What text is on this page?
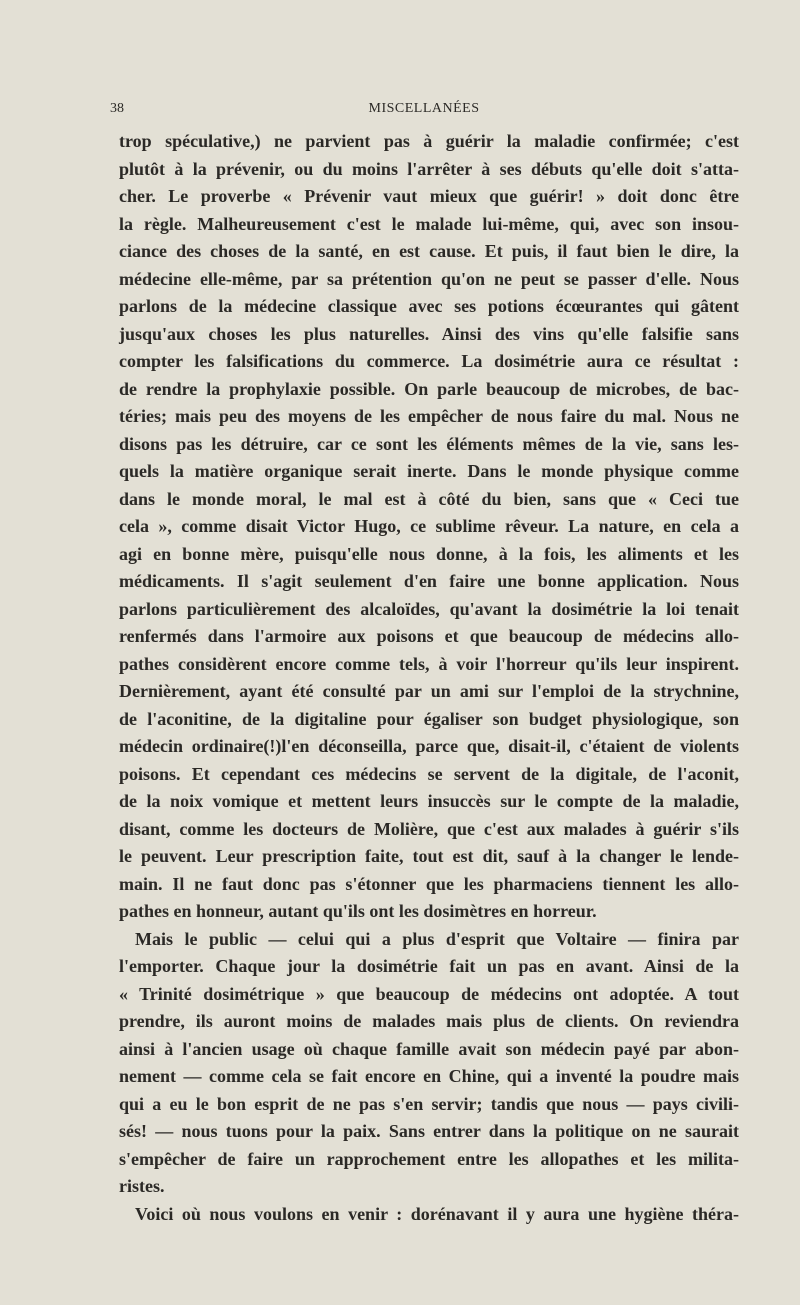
38	MISCELLANÉES
trop spéculative,) ne parvient pas à guérir la maladie confirmée; c'est
plutôt à la prévenir, ou du moins l'arrêter à ses débuts qu'elle doit s'atta-
cher. Le proverbe « Prévenir vaut mieux que guérir! » doit donc être
la règle. Malheureusement c'est le malade lui-même, qui, avec son insou-
ciance des choses de la santé, en est cause. Et puis, il faut bien le dire, la
médecine elle-même, par sa prétention qu'on ne peut se passer d'elle. Nous
parlons de la médecine classique avec ses potions écœurantes qui gâtent
jusqu'aux choses les plus naturelles. Ainsi des vins qu'elle falsifie sans
compter les falsifications du commerce. La dosimétrie aura ce résultat :
de rendre la prophylaxie possible. On parle beaucoup de microbes, de bac-
téries; mais peu des moyens de les empêcher de nous faire du mal. Nous ne
disons pas les détruire, car ce sont les éléments mêmes de la vie, sans les-
quels la matière organique serait inerte. Dans le monde physique comme
dans le monde moral, le mal est à côté du bien, sans que « Ceci tue
cela », comme disait Victor Hugo, ce sublime rêveur. La nature, en cela a
agi en bonne mère, puisqu'elle nous donne, à la fois, les aliments et les
médicaments. Il s'agit seulement d'en faire une bonne application. Nous
parlons particulièrement des alcaloïdes, qu'avant la dosimétrie la loi tenait
renfermés dans l'armoire aux poisons et que beaucoup de médecins allo-
pathes considèrent encore comme tels, à voir l'horreur qu'ils leur inspirent.
Dernièrement, ayant été consulté par un ami sur l'emploi de la strychnine,
de l'aconitine, de la digitaline pour égaliser son budget physiologique, son
médecin ordinaire(!)l'en déconseilla, parce que, disait-il, c'étaient de violents
poisons. Et cependant ces médecins se servent de la digitale, de l'aconit,
de la noix vomique et mettent leurs insuccès sur le compte de la maladie,
disant, comme les docteurs de Molière, que c'est aux malades à guérir s'ils
le peuvent. Leur prescription faite, tout est dit, sauf à la changer le lende-
main. Il ne faut donc pas s'étonner que les pharmaciens tiennent les allo-
pathes en honneur, autant qu'ils ont les dosimètres en horreur.
Mais le public — celui qui a plus d'esprit que Voltaire — finira par
l'emporter. Chaque jour la dosimétrie fait un pas en avant. Ainsi de la
« Trinité dosimétrique » que beaucoup de médecins ont adoptée. A tout
prendre, ils auront moins de malades mais plus de clients. On reviendra
ainsi à l'ancien usage où chaque famille avait son médecin payé par abon-
nement — comme cela se fait encore en Chine, qui a inventé la poudre mais
qui a eu le bon esprit de ne pas s'en servir; tandis que nous — pays civili-
sés! — nous tuons pour la paix. Sans entrer dans la politique on ne saurait
s'empêcher de faire un rapprochement entre les allopathes et les milita-
ristes.
Voici où nous voulons en venir : dorénavant il y aura une hygiène théra-
